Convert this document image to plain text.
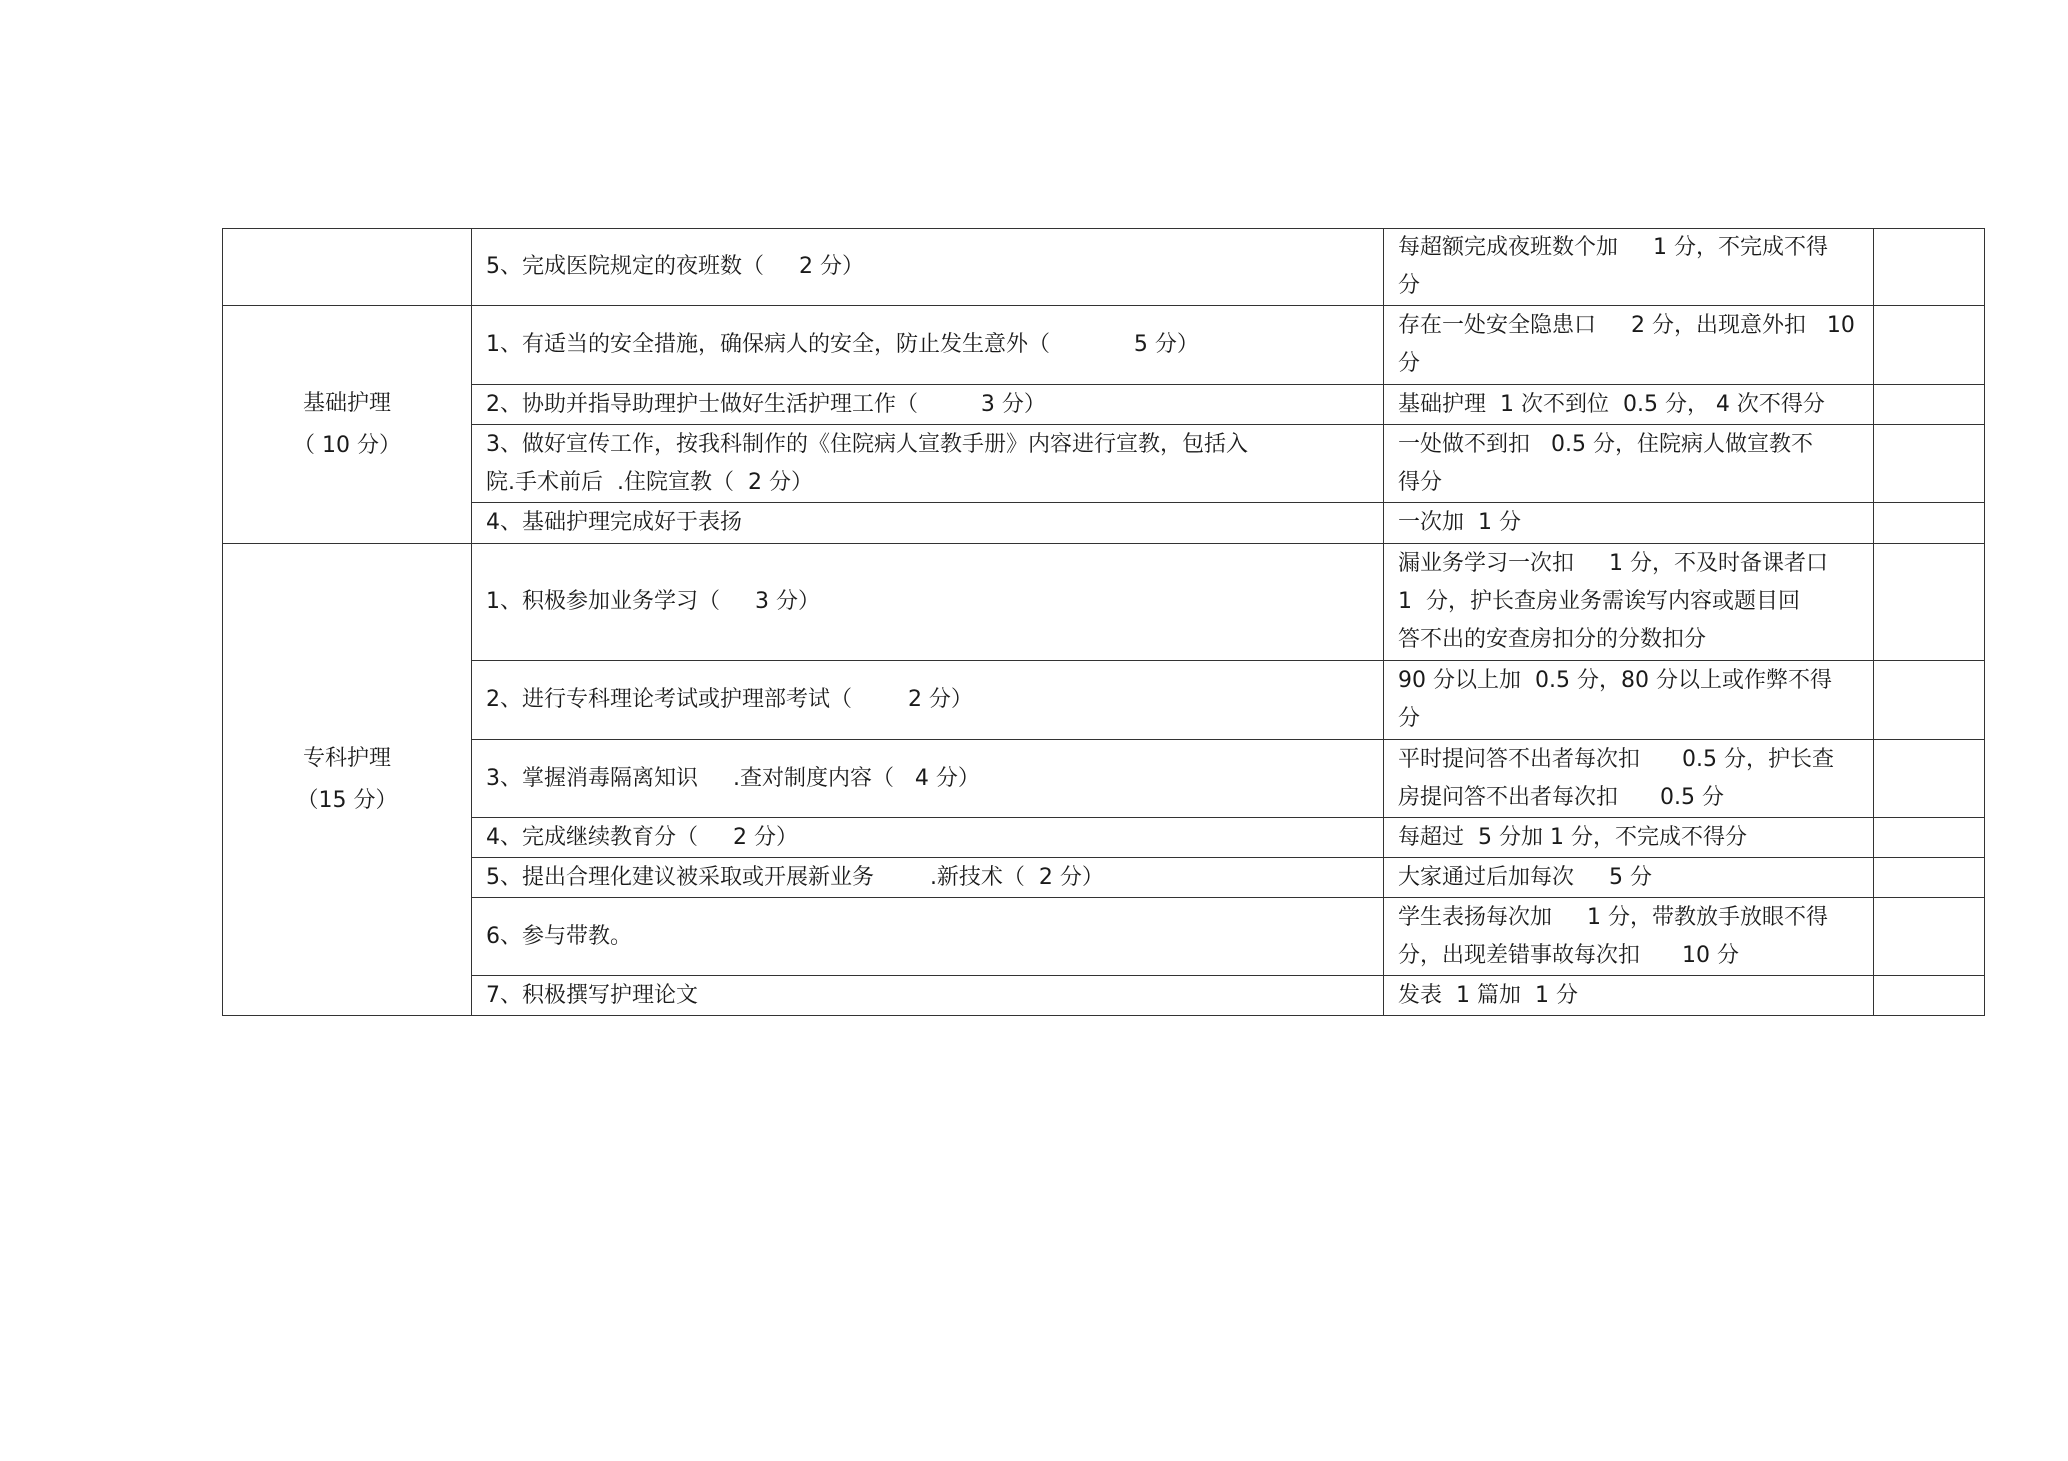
	5、完成医院规定的夜班数（     2 分）	每超额完成夜班数个加     1 分，不完成不得
分	

基础护理
（ 10 分）	1、有适当的安全措施，确保病人的安全，防止发生意外（            5 分）	存在一处安全隐患口     2 分，出现意外扣   10
分	
	2、协助并指导助理护士做好生活护理工作（         3 分）	基础护理  1 次不到位  0.5 分， 4 次不得分	
	3、做好宣传工作，按我科制作的《住院病人宣教手册》内容进行宣教，包括入
院.手术前后  .住院宣教（  2 分）	一处做不到扣   0.5 分，住院病人做宣教不
得分	
	4、基础护理完成好于表扬	一次加  1 分	

专科护理
（15 分）	1、积极参加业务学习（     3 分）	漏业务学习一次扣     1 分，不及时备课者口
1  分，护长查房业务需诶写内容或题目回
答不出的安查房扣分的分数扣分	
	2、进行专科理论考试或护理部考试（        2 分）	90 分以上加  0.5 分，80 分以上或作弊不得
分	
	3、掌握消毒隔离知识     .查对制度内容（   4 分）	平时提问答不出者每次扣      0.5 分，护长查
房提问答不出者每次扣      0.5 分	
	4、完成继续教育分（     2 分）	每超过  5 分加 1 分，不完成不得分	
	5、提出合理化建议被采取或开展新业务        .新技术（  2 分）	大家通过后加每次     5 分	
	6、参与带教。	学生表扬每次加     1 分，带教放手放眼不得
分，出现差错事故每次扣      10 分	
	7、积极撰写护理论文	发表  1 篇加  1 分	
